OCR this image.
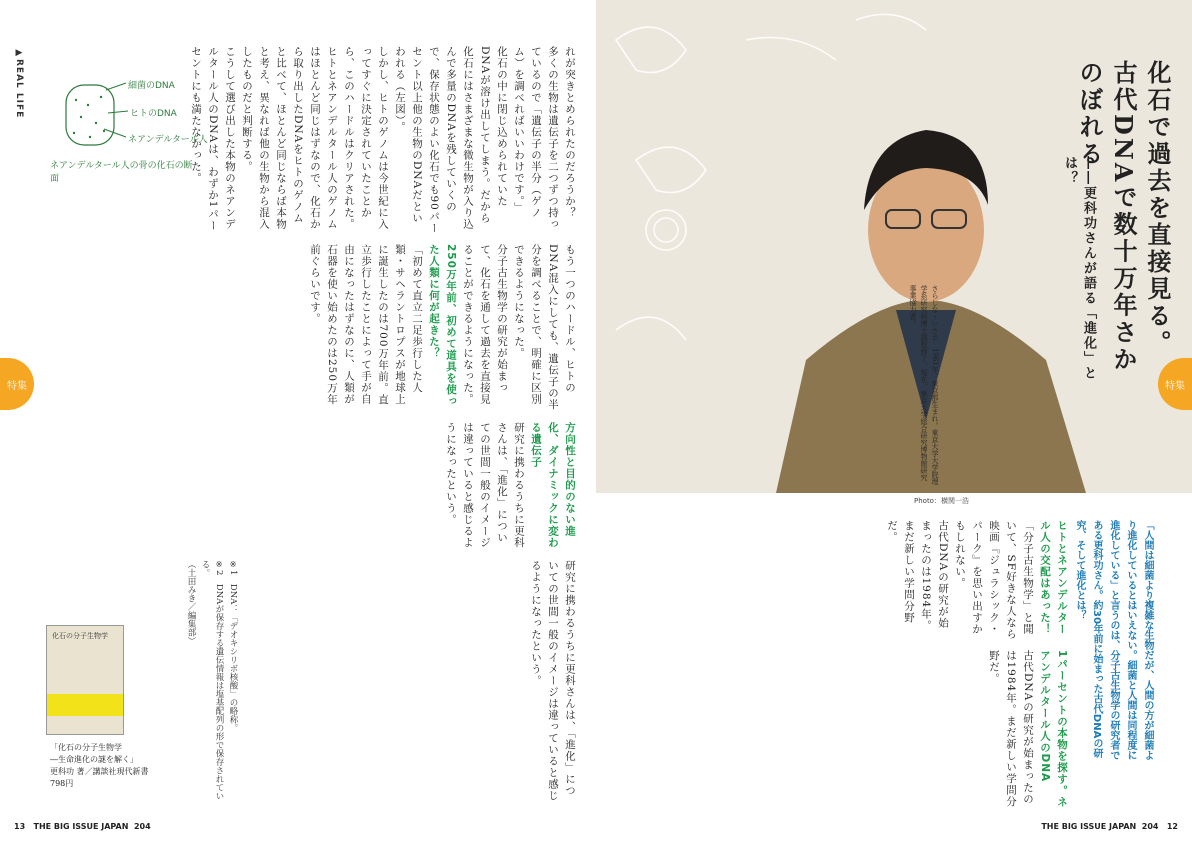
▶REAL LIFE
特集
細菌のDNA
ヒトのDNA
ネアンデルタール人
ネアンデルタール人の骨の化石の断面	れが突きとめられたのだろうか？　多くの生物は遺伝子を二つずつ持っているので「遺伝子の半分（ゲノム）を調べればいいわけです。」

化石の中に閉じ込められていたDNAが溶け出してしまう。だから化石にはさまざまな微生物が入り込んで多量のDNAを残していくので、保存状態のよい化石でも90パーセント以上他の生物のDNAだといわれる（左図）。

しかし、ヒトのゲノムは今世紀に入ってすぐに決定されていたことから、このハードルはクリアされた。ヒトとネアンデルタール人のゲノムはほとんど同じはずなので、化石から取り出したDNAをヒトのゲノムと比べて、ほとんど同じならば本物と考え、異なれば他の生物から混入したものだと判断する。

こうして選び出した本物のネアンデルタール人のDNAは、わずか1パーセントにも満たなかった。

もう一つのハードル、ヒトのDNA混入にしても、遺伝子の半分を調べることで、明確に区別できるようになった。

分子古生物学の研究が始まって、化石を通して過去を直接見ることができるようになった。

250万年前、初めて道具を使った人類に何が起きた？

「初めて直立二足歩行した人類・サヘラントロプスが地球上に誕生したのは700万年前。直立歩行したことによって手が自由になったはずなのに、人類が石器を使い始めたのは250万年前ぐらいです。

方向性と目的のない進化、ダイナミックに変わる遺伝子

研究に携わるうちに更科さんは、「進化」についての世間一般のイメージは違っていると感じるようになったという。

研究に携わるうちに更科さんは、「進化」についての世間一般のイメージは違っていると感じるようになったという。

※1　DNA：「デオキシリボ核酸」の略称。

※2　DNAが保存する遺伝情報は塩基配列の形で保存されている。

（土田みき／編集部）

化石の分子生物学
「化石の分子生物学
―生命進化の謎を解く」
更科功 著／講談社現代新書
798円
13 THE BIG ISSUE JAPAN 204
化石で過去を直接見る。
古代DNAで数十万年さかのぼれる
――更科功さんが語る「進化」とは？
さらしな・いさお　1961年、東京都生まれ。東京大学大学院理学系研究科博士課程修了。現在、東京大学総合研究博物館研究事業協力者。
Photo：横関一浩
特集
「人間は細菌より複雑な生物だが、人間の方が細菌より進化しているとはいえない。細菌と人間は同程度に進化している」と言うのは、分子古生物学の研究者である更科功さん。約30年前に始まった古代DNAの研究、そして進化とは？

ヒトとネアンデルタール人の交配はあった！

「分子古生物学」と聞いて、SF好きな人なら映画『ジュラシック・パーク』を思い出すかもしれない。

古代DNAの研究が始まったのは1984年。まだ新しい学問分野だ。

1パーセントの本物を探す。ネアンデルタール人のDNA

古代DNAの研究が始まったのは1984年。まだ新しい学問分野だ。

THE BIG ISSUE JAPAN 204 12
